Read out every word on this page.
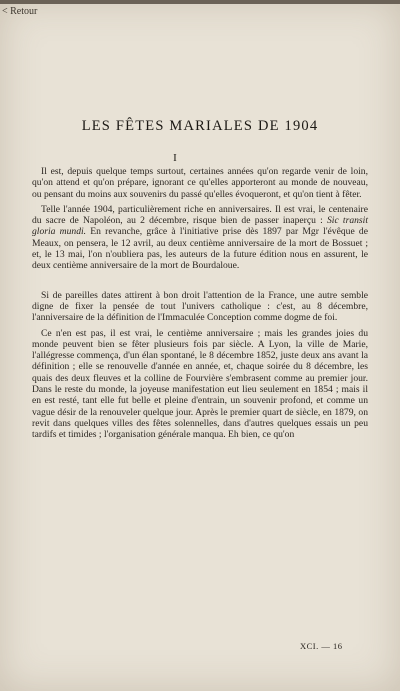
< Retour
LES FÊTES MARIALES DE 1904
I

Il est, depuis quelque temps surtout, certaines années qu'on regarde venir de loin, qu'on attend et qu'on prépare, ignorant ce qu'elles apporteront au monde de nouveau, ou pensant du moins aux souvenirs du passé qu'elles évoqueront, et qu'on tient à fêter.

Telle l'année 1904, particulièrement riche en anniversaires. Il est vrai, le centenaire du sacre de Napoléon, au 2 décembre, risque bien de passer inaperçu : Sic transit gloria mundi. En revanche, grâce à l'initiative prise dès 1897 par Mgr l'évêque de Meaux, on pensera, le 12 avril, au deux centième anniversaire de la mort de Bossuet ; et, le 13 mai, l'on n'oubliera pas, les auteurs de la future édition nous en assurent, le deux centième anniversaire de la mort de Bourdaloue.

Si de pareilles dates attirent à bon droit l'attention de la France, une autre semble digne de fixer la pensée de tout l'univers catholique : c'est, au 8 décembre, l'anniversaire de la définition de l'Immaculée Conception comme dogme de foi.

Ce n'en est pas, il est vrai, le centième anniversaire ; mais les grandes joies du monde peuvent bien se fêter plusieurs fois par siècle. A Lyon, la ville de Marie, l'allégresse commença, d'un élan spontané, le 8 décembre 1852, juste deux ans avant la définition ; elle se renouvelle d'année en année, et, chaque soirée du 8 décembre, les quais des deux fleuves et la colline de Fourvière s'embrasent comme au premier jour. Dans le reste du monde, la joyeuse manifestation eut lieu seulement en 1854 ; mais il en est resté, tant elle fut belle et pleine d'entrain, un souvenir profond, et comme un vague désir de la renouveler quelque jour. Après le premier quart de siècle, en 1879, on revit dans quelques villes des fêtes solennelles, dans d'autres quelques essais un peu tardifs et timides ; l'organisation générale manqua. Eh bien, ce qu'on

XCI. — 16
